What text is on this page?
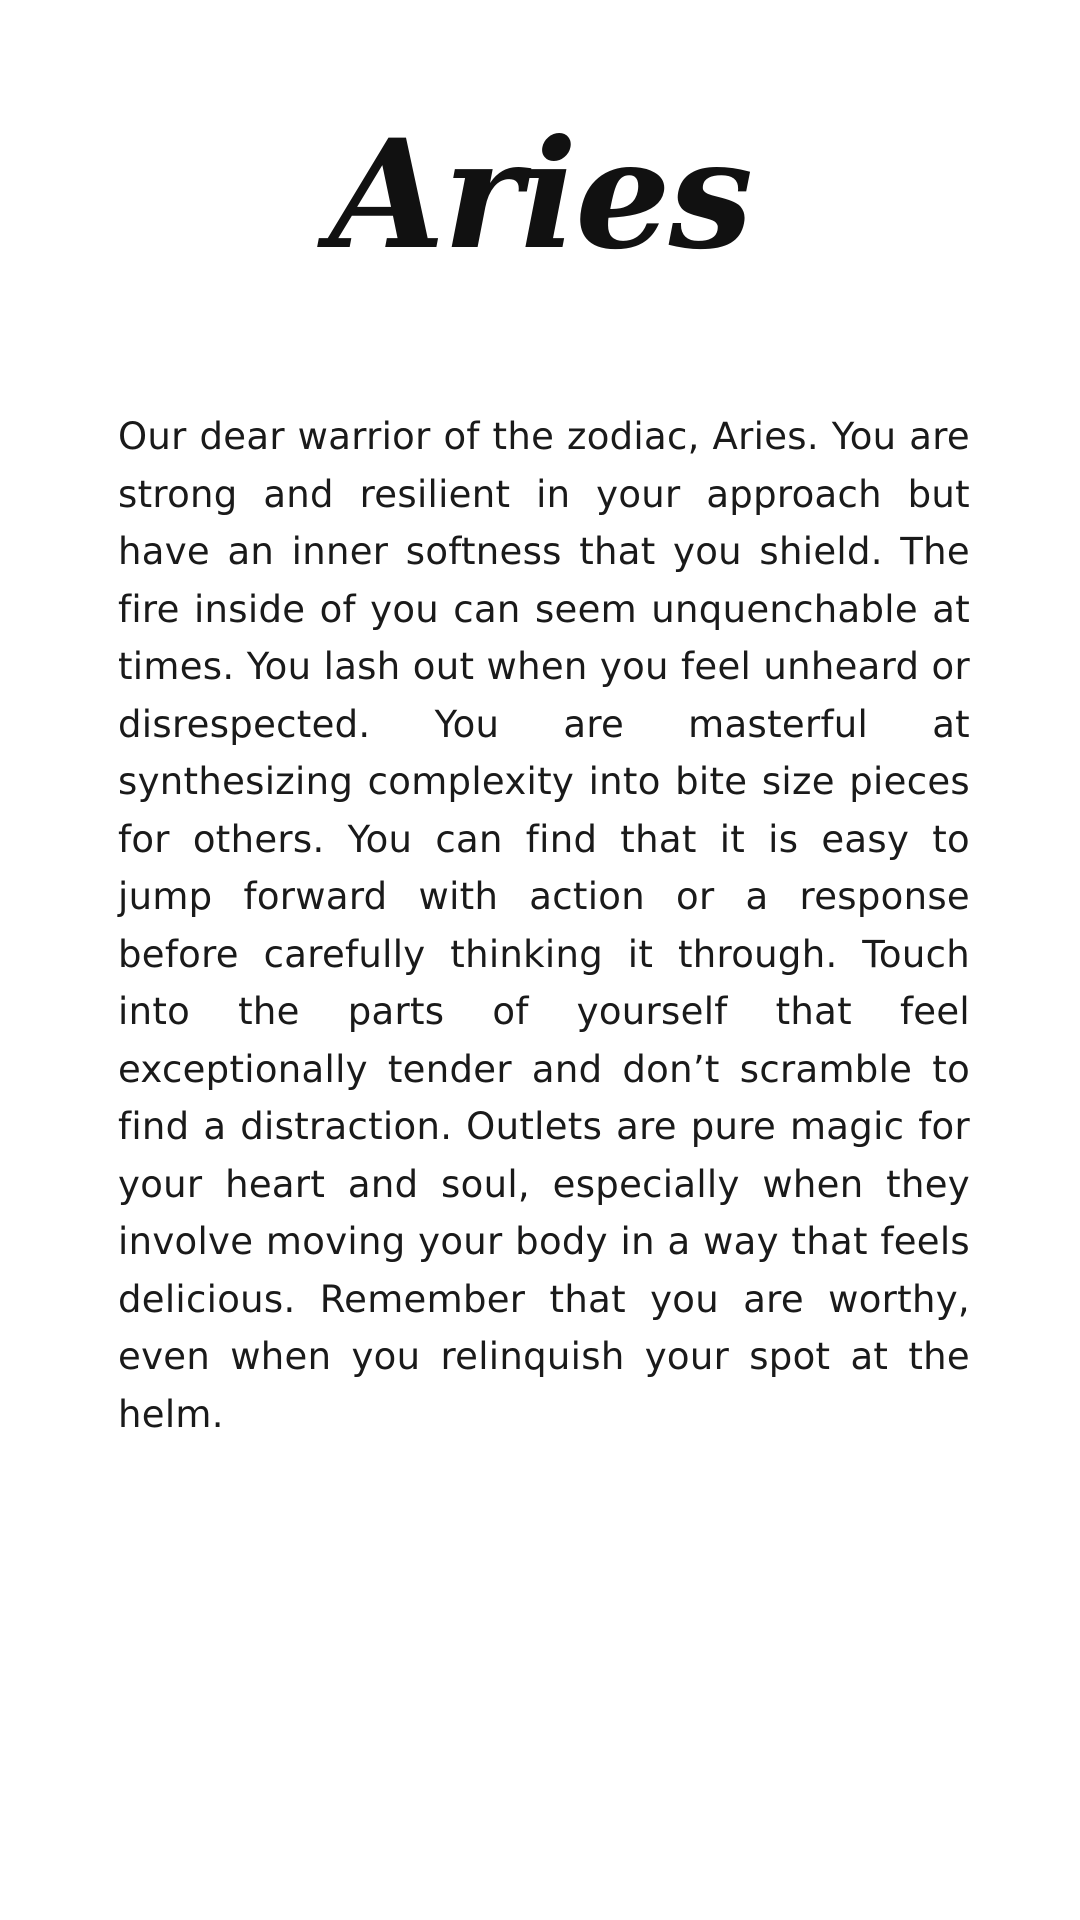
Aries

Our dear warrior of the zodiac, Aries. You are strong and resilient in your approach but have an inner softness that you shield. The fire inside of you can seem unquenchable at times. You lash out when you feel unheard or disrespected. You are masterful at synthesizing complexity into bite size pieces for others. You can find that it is easy to jump forward with action or a response before carefully thinking it through. Touch into the parts of yourself that feel exceptionally tender and don’t scramble to find a distraction. Outlets are pure magic for your heart and soul, especially when they involve moving your body in a way that feels delicious. Remember that you are worthy, even when you relinquish your spot at the helm.
